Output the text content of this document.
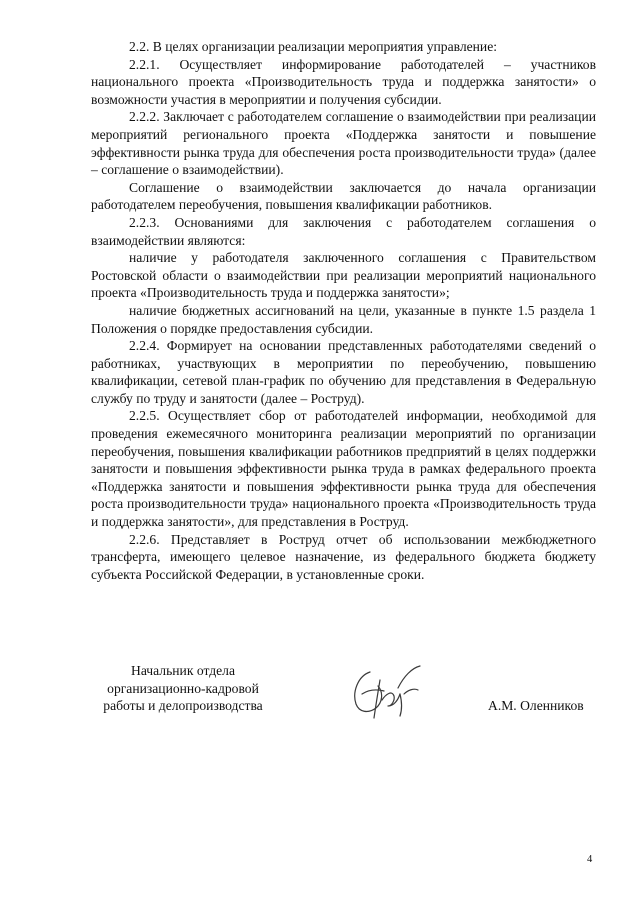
2.2. В целях организации реализации мероприятия управление:

2.2.1. Осуществляет информирование работодателей – участников национального проекта «Производительность труда и поддержка занятости» о возможности участия в мероприятии и получения субсидии.

2.2.2. Заключает с работодателем соглашение о взаимодействии при реализации мероприятий регионального проекта «Поддержка занятости и повышение эффективности рынка труда для обеспечения роста производительности труда» (далее – соглашение о взаимодействии).

Соглашение о взаимодействии заключается до начала организации работодателем переобучения, повышения квалификации работников.

2.2.3. Основаниями для заключения с работодателем соглашения о взаимодействии являются:

наличие у работодателя заключенного соглашения с Правительством Ростовской области о взаимодействии при реализации мероприятий национального проекта «Производительность труда и поддержка занятости»;

наличие бюджетных ассигнований на цели, указанные в пункте 1.5 раздела 1 Положения о порядке предоставления субсидии.

2.2.4. Формирует на основании представленных работодателями сведений о работниках, участвующих в мероприятии по переобучению, повышению квалификации, сетевой план-график по обучению для представления в Федеральную службу по труду и занятости (далее – Роструд).

2.2.5. Осуществляет сбор от работодателей информации, необходимой для проведения ежемесячного мониторинга реализации мероприятий по организации переобучения, повышения квалификации работников предприятий в целях поддержки занятости и повышения эффективности рынка труда в рамках федерального проекта «Поддержка занятости и повышения эффективности рынка труда для обеспечения роста производительности труда» национального проекта «Производительность труда и поддержка занятости», для представления в Роструд.

2.2.6. Представляет в Роструд отчет об использовании межбюджетного трансферта, имеющего целевое назначение, из федерального бюджета бюджету субъекта Российской Федерации, в установленные сроки.

Начальник отдела
организационно-кадровой
работы и делопроизводства	А.М. Оленников
4
